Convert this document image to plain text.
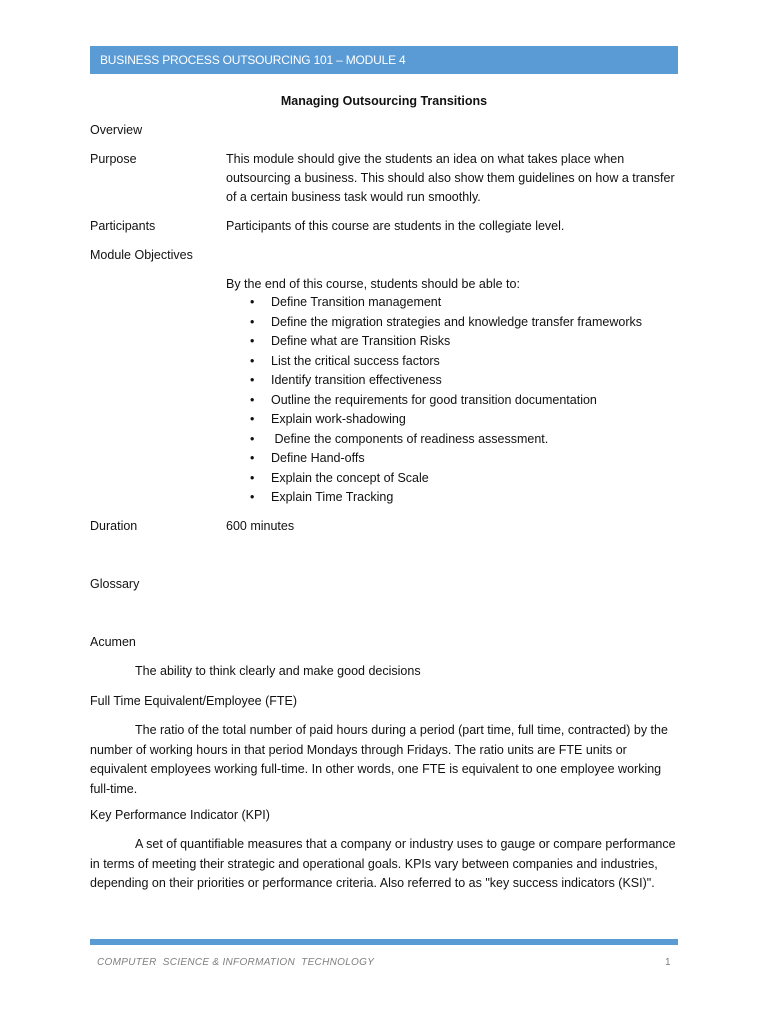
BUSINESS PROCESS OUTSOURCING 101 – MODULE 4
Managing Outsourcing Transitions
Overview
Purpose	This module should give the students an idea on what takes place when outsourcing a business. This should also show them guidelines on how a transfer of a certain business task would run smoothly.
Participants	Participants of this course are students in the collegiate level.
Module Objectives
By the end of this course, students should be able to:
• Define Transition management
• Define the migration strategies and knowledge transfer frameworks
• Define what are Transition Risks
• List the critical success factors
• Identify transition effectiveness
• Outline the requirements for good transition documentation
• Explain work-shadowing
•  Define the components of readiness assessment.
• Define Hand-offs
• Explain the concept of Scale
• Explain Time Tracking
Duration	600 minutes
Glossary
Acumen
The ability to think clearly and make good decisions
Full Time Equivalent/Employee (FTE)
The ratio of the total number of paid hours during a period (part time, full time, contracted) by the number of working hours in that period Mondays through Fridays. The ratio units are FTE units or equivalent employees working full-time. In other words, one FTE is equivalent to one employee working full-time.
Key Performance Indicator (KPI)
A set of quantifiable measures that a company or industry uses to gauge or compare performance in terms of meeting their strategic and operational goals. KPIs vary between companies and industries, depending on their priorities or performance criteria. Also referred to as "key success indicators (KSI)".
COMPUTER  SCIENCE & INFORMATION  TECHNOLOGY	1
